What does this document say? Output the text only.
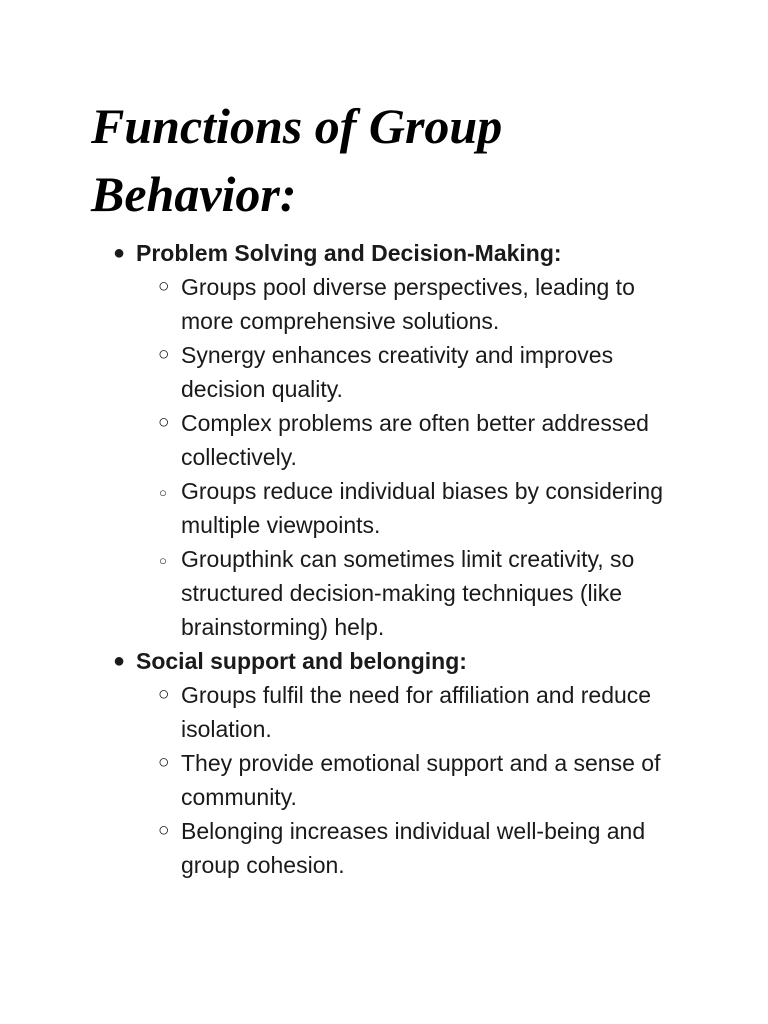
Functions of Group Behavior:
● Problem Solving and Decision-Making:
○ Groups pool diverse perspectives, leading to more comprehensive solutions.
○ Synergy enhances creativity and improves decision quality.
○ Complex problems are often better addressed collectively.
○ Groups reduce individual biases by considering multiple viewpoints.
○ Groupthink can sometimes limit creativity, so structured decision-making techniques (like brainstorming) help.
● Social support and belonging:
○ Groups fulfil the need for affiliation and reduce isolation.
○ They provide emotional support and a sense of community.
○ Belonging increases individual well-being and group cohesion.
